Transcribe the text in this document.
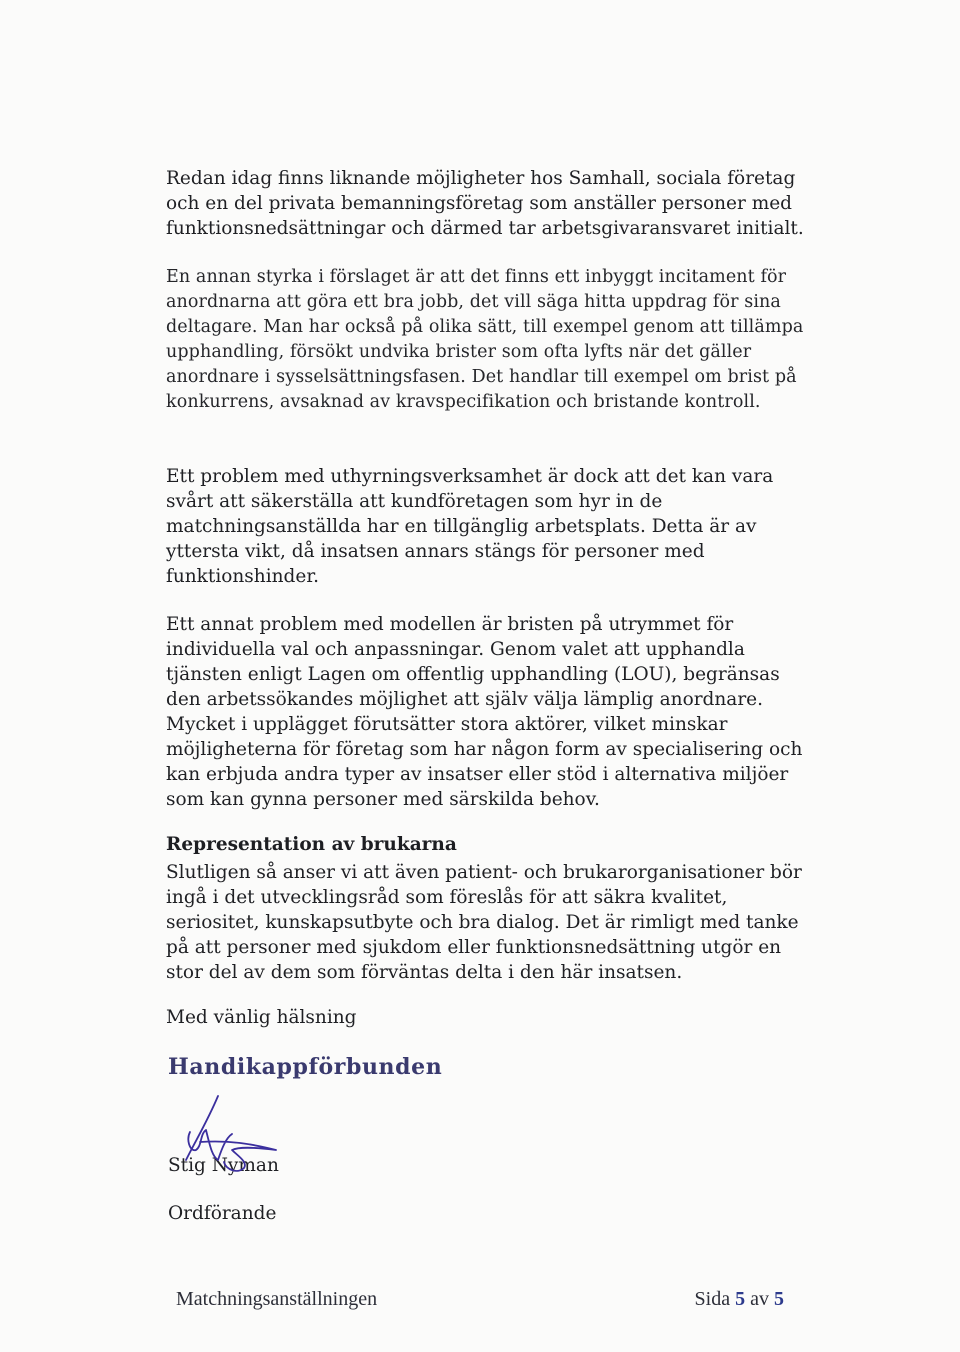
Redan idag finns liknande möjligheter hos Samhall, sociala företag och en del privata bemanningsföretag som anställer personer med funktionsnedsättningar och därmed tar arbetsgivaransvaret initialt.

En annan styrka i förslaget är att det finns ett inbyggt incitament för anordnarna att göra ett bra jobb, det vill säga hitta uppdrag för sina deltagare. Man har också på olika sätt, till exempel genom att tillämpa upphandling, försökt undvika brister som ofta lyfts när det gäller anordnare i sysselsättningsfasen. Det handlar till exempel om brist på konkurrens, avsaknad av kravspecifikation och bristande kontroll.

Ett problem med uthyrningsverksamhet är dock att det kan vara svårt att säkerställa att kundföretagen som hyr in de matchningsanställda har en tillgänglig arbetsplats. Detta är av yttersta vikt, då insatsen annars stängs för personer med funktionshinder.

Ett annat problem med modellen är bristen på utrymmet för individuella val och anpassningar. Genom valet att upphandla tjänsten enligt Lagen om offentlig upphandling (LOU), begränsas den arbetssökandes möjlighet att själv välja lämplig anordnare. Mycket i upplägget förutsätter stora aktörer, vilket minskar möjligheterna för företag som har någon form av specialisering och kan erbjuda andra typer av insatser eller stöd i alternativa miljöer som kan gynna personer med särskilda behov.

Representation av brukarna

Slutligen så anser vi att även patient- och brukarorganisationer bör ingå i det utvecklingsråd som föreslås för att säkra kvalitet, seriositet, kunskapsutbyte och bra dialog. Det är rimligt med tanke på att personer med sjukdom eller funktionsnedsättning utgör en stor del av dem som förväntas delta i den här insatsen.

Med vänlig hälsning
Handikappförbunden
Stig Nyman
Ordförande
Matchningsanställningen	Sida 5 av 5
